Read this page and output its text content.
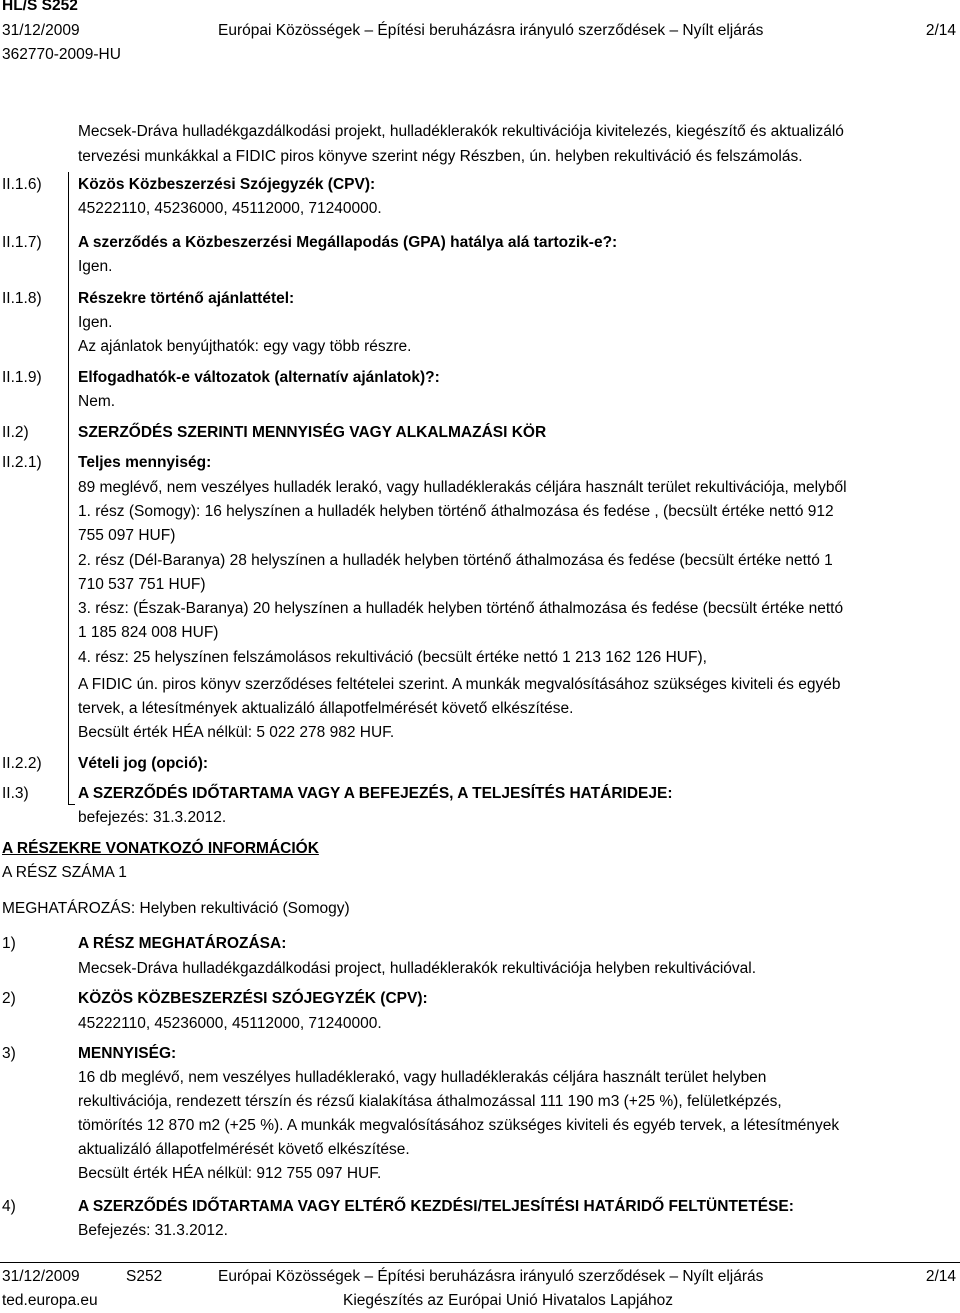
HL/S S252
31/12/2009	Európai Közösségek – Építési beruházásra irányuló szerződések – Nyílt eljárás	2/14
362770-2009-HU
Mecsek-Dráva hulladékgazdálkodási projekt, hulladéklerakók rekultivációja kivitelezés, kiegészítő és aktualizáló
tervezési munkákkal a FIDIC piros könyve szerint négy Részben, ún. helyben rekultiváció és felszámolás.
II.1.6) Közös Közbeszerzési Szójegyzék (CPV):
45222110, 45236000, 45112000, 71240000.
II.1.7) A szerződés a Közbeszerzési Megállapodás (GPA) hatálya alá tartozik-e?:
Igen.
II.1.8) Részekre történő ajánlattétel:
Igen.
Az ajánlatok benyújthatók: egy vagy több részre.
II.1.9) Elfogadhatók-e változatok (alternatív ajánlatok)?:
Nem.
II.2)	SZERZŐDÉS SZERINTI MENNYISÉG VAGY ALKALMAZÁSI KÖR
II.2.1) Teljes mennyiség:
89 meglévő, nem veszélyes hulladék lerakó, vagy hulladéklerakás céljára használt terület rekultivációja, melyből
1. rész (Somogy): 16 helyszínen a hulladék helyben történő áthalmozása és fedése , (becsült értéke nettó 912
755 097 HUF)
2. rész (Dél-Baranya) 28 helyszínen a hulladék helyben történő áthalmozása és fedése (becsült értéke nettó 1
710 537 751 HUF)
3. rész: (Észak-Baranya) 20 helyszínen a hulladék helyben történő áthalmozása és fedése (becsült értéke nettó
1 185 824 008 HUF)
4. rész: 25 helyszínen felszámolásos rekultiváció (becsült értéke nettó 1 213 162 126 HUF),
A FIDIC ún. piros könyv szerződéses feltételei szerint. A munkák megvalósításához szükséges kiviteli és egyéb
tervek, a létesítmények aktualizáló állapotfelmérését követő elkészítése.
Becsült érték HÉA nélkül: 5 022 278 982 HUF.
II.2.2) Vételi jog (opció):
II.3)	A SZERZŐDÉS IDŐTARTAMA VAGY A BEFEJEZÉS, A TELJESÍTÉS HATÁRIDEJE:
befejezés: 31.3.2012.
A RÉSZEKRE VONATKOZÓ INFORMÁCIÓK
A RÉSZ SZÁMA 1
MEGHATÁROZÁS: Helyben rekultiváció (Somogy)
1)	A RÉSZ MEGHATÁROZÁSA:
Mecsek-Dráva hulladékgazdálkodási project, hulladéklerakók rekultivációja helyben rekultivációval.
2)	KÖZÖS KÖZBESZERZÉSI SZÓJEGYZÉK (CPV):
45222110, 45236000, 45112000, 71240000.
3)	MENNYISÉG:
16 db meglévő, nem veszélyes hulladéklerakó, vagy hulladéklerakás céljára használt terület helyben
rekultivációja, rendezett térszín és rézsű kialakítása áthalmozással 111 190 m3 (+25 %), felületképzés,
tömörítés 12 870 m2 (+25 %). A munkák megvalósításához szükséges kiviteli és egyéb tervek, a létesítmények
aktualizáló állapotfelmérését követő elkészítése.
Becsült érték HÉA nélkül: 912 755 097 HUF.
4)	A SZERZŐDÉS IDŐTARTAMA VAGY ELTÉRŐ KEZDÉSI/TELJESÍTÉSI HATÁRIDŐ FELTÜNTETÉSE:
Befejezés: 31.3.2012.
31/12/2009	S252	Európai Közösségek – Építési beruházásra irányuló szerződések – Nyílt eljárás	2/14
ted.europa.eu	Kiegészítés az Európai Unió Hivatalos Lapjához
